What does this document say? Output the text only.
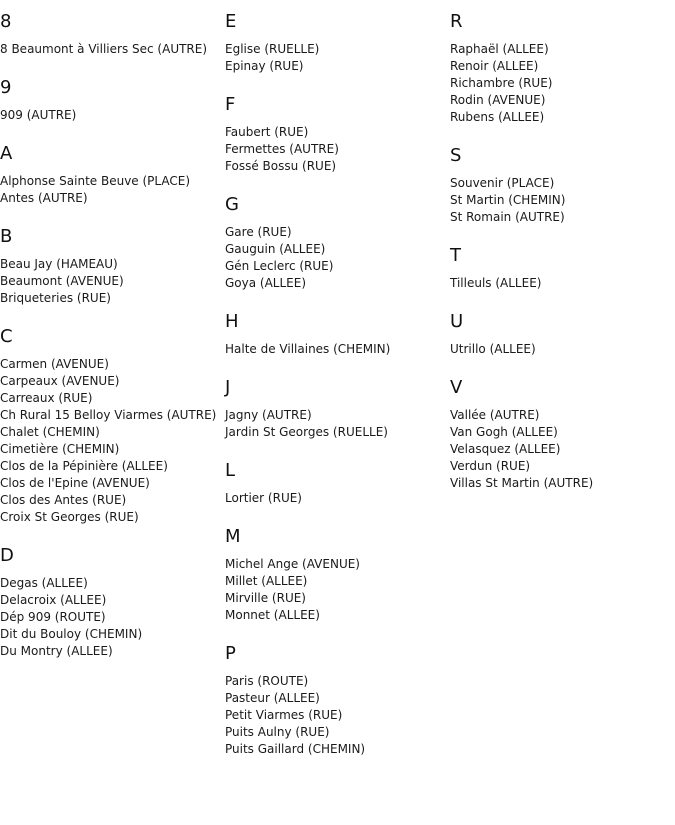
8
8 Beaumont à Villiers Sec (AUTRE)
9
909 (AUTRE)
A
Alphonse Sainte Beuve (PLACE)
Antes (AUTRE)
B
Beau Jay (HAMEAU)
Beaumont (AVENUE)
Briqueteries (RUE)
C
Carmen (AVENUE)
Carpeaux (AVENUE)
Carreaux (RUE)
Ch Rural 15 Belloy Viarmes (AUTRE)
Chalet (CHEMIN)
Cimetière (CHEMIN)
Clos de la Pépinière (ALLEE)
Clos de l'Epine (AVENUE)
Clos des Antes (RUE)
Croix St Georges (RUE)
D
Degas (ALLEE)
Delacroix (ALLEE)
Dép 909 (ROUTE)
Dit du Bouloy (CHEMIN)
Du Montry (ALLEE)
E
Eglise (RUELLE)
Epinay (RUE)
F
Faubert (RUE)
Fermettes (AUTRE)
Fossé Bossu (RUE)
G
Gare (RUE)
Gauguin (ALLEE)
Gén Leclerc (RUE)
Goya (ALLEE)
H
Halte de Villaines (CHEMIN)
J
Jagny (AUTRE)
Jardin St Georges (RUELLE)
L
Lortier (RUE)
M
Michel Ange (AVENUE)
Millet (ALLEE)
Mirville (RUE)
Monnet (ALLEE)
P
Paris (ROUTE)
Pasteur (ALLEE)
Petit Viarmes (RUE)
Puits Aulny (RUE)
Puits Gaillard (CHEMIN)
R
Raphaël (ALLEE)
Renoir (ALLEE)
Richambre (RUE)
Rodin (AVENUE)
Rubens (ALLEE)
S
Souvenir (PLACE)
St Martin (CHEMIN)
St Romain (AUTRE)
T
Tilleuls (ALLEE)
U
Utrillo (ALLEE)
V
Vallée (AUTRE)
Van Gogh (ALLEE)
Velasquez (ALLEE)
Verdun (RUE)
Villas St Martin (AUTRE)
